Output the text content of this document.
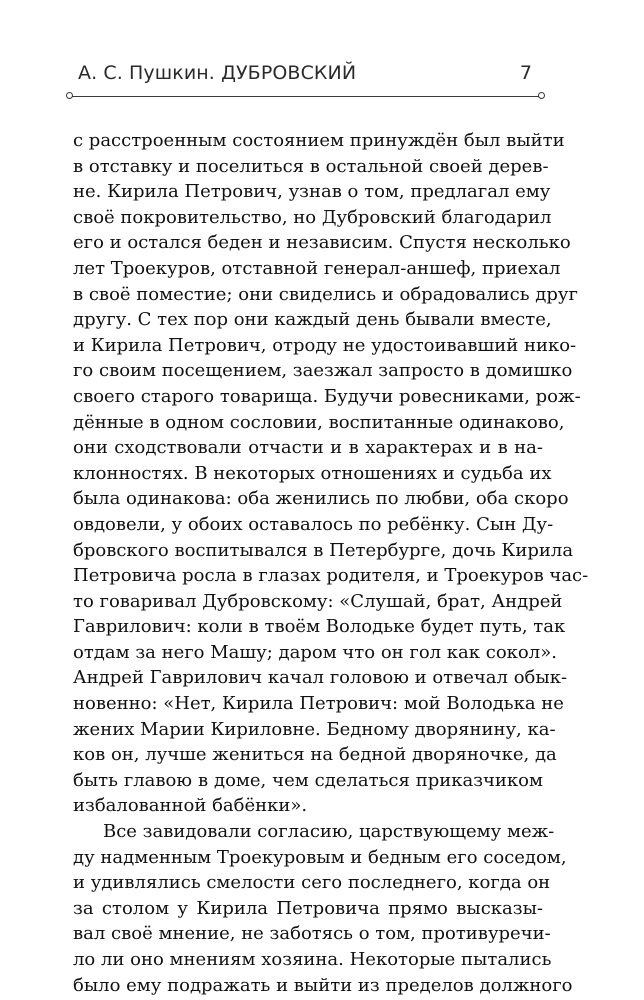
А. С. Пушкин. ДУБРОВСКИЙ	7
с расстроенным состоянием принуждён был выйти
в отставку и поселиться в остальной своей дерев-
не. Кирила Петрович, узнав о том, предлагал ему
своё покровительство, но Дубровский благодарил
его и остался беден и независим. Спустя несколько
лет Троекуров, отставной генерал-аншеф, приехал
в своё поместие; они свиделись и обрадовались друг
другу. С тех пор они каждый день бывали вместе,
и Кирила Петрович, отроду не удостоивавший нико-
го своим посещением, заезжал запросто в домишко
своего старого товарища. Будучи ровесниками, рож-
дённые в одном сословии, воспитанные одинаково,
они сходствовали отчасти и в характерах и в на-
клонностях. В некоторых отношениях и судьба их
была одинакова: оба женились по любви, оба скоро
овдовели, у обоих оставалось по ребёнку. Сын Ду-
бровского воспитывался в Петербурге, дочь Кирила
Петровича росла в глазах родителя, и Троекуров час-
то говаривал Дубровскому: «Слушай, брат, Андрей
Гаврилович: коли в твоём Володьке будет путь, так
отдам за него Машу; даром что он гол как сокол».
Андрей Гаврилович качал головою и отвечал обык-
новенно: «Нет, Кирила Петрович: мой Володька не
жених Марии Кириловне. Бедному дворянину, ка-
ков он, лучше жениться на бедной дворяночке, да
быть главою в доме, чем сделаться приказчиком
избалованной бабёнки».
Все завидовали согласию, царствующему меж-
ду надменным Троекуровым и бедным его соседом,
и удивлялись смелости сего последнего, когда он
за столом у Кирила Петровича прямо высказы-
вал своё мнение, не заботясь о том, противуречи-
ло ли оно мнениям хозяина. Некоторые пытались
было ему подражать и выйти из пределов должного
